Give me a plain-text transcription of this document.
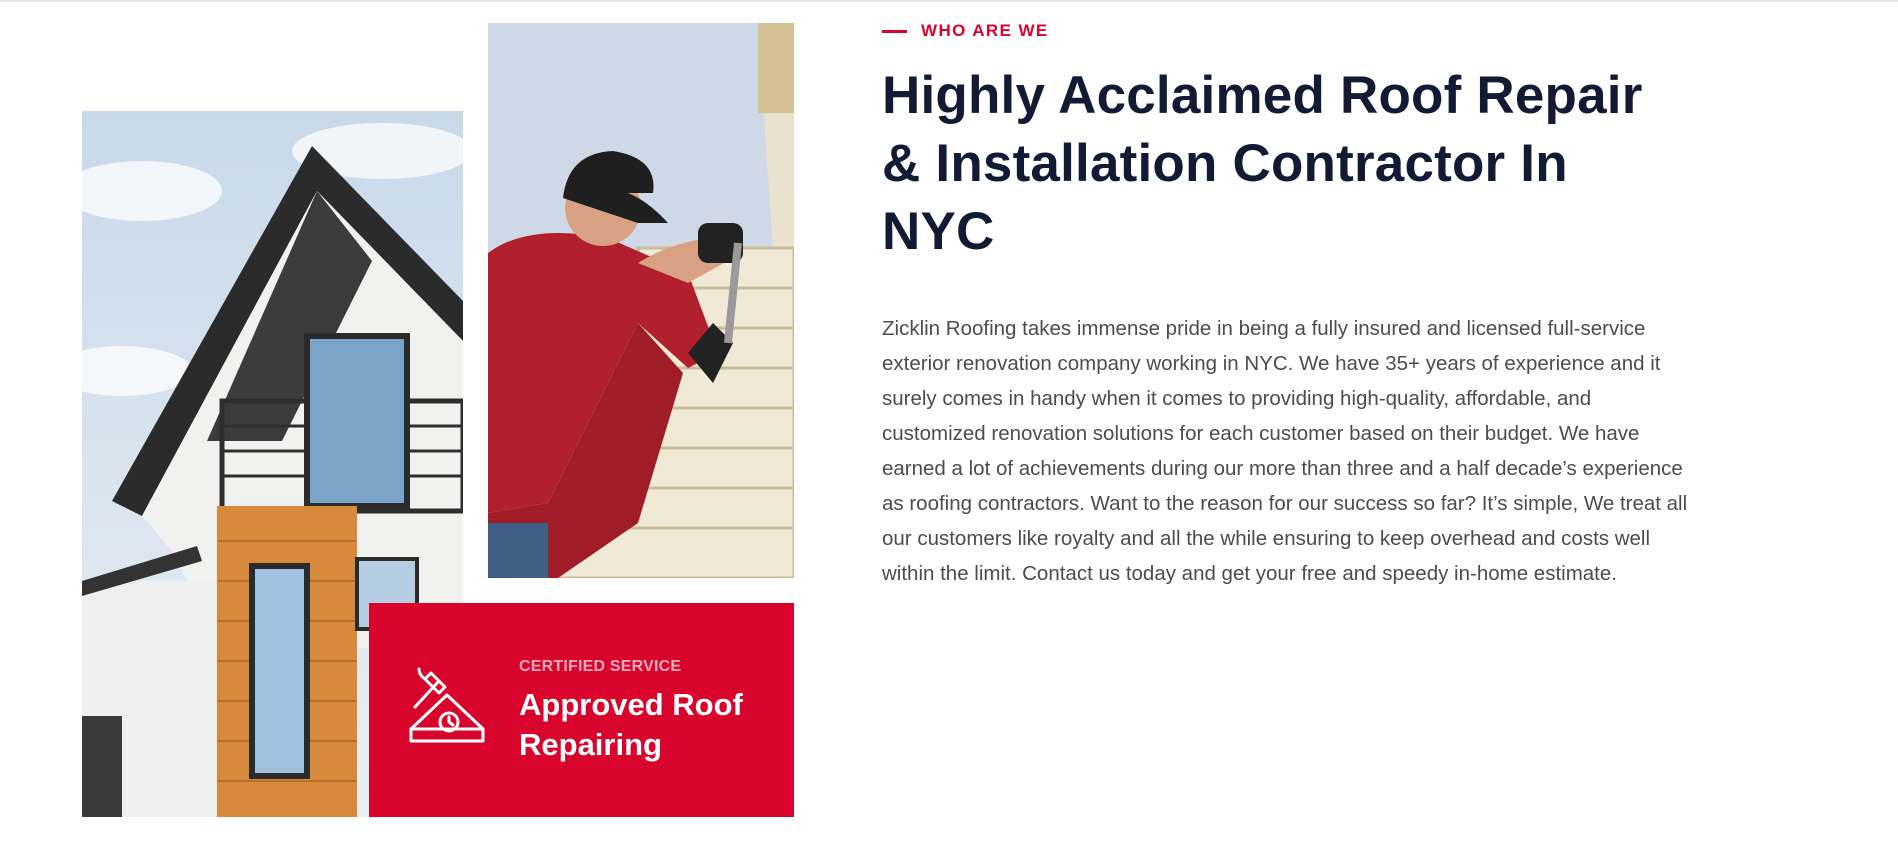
CERTIFIED SERVICE
Approved Roof Repairing
WHO ARE WE
Highly Acclaimed Roof Repair & Installation Contractor In NYC

Zicklin Roofing takes immense pride in being a fully insured and licensed full-service exterior renovation company working in NYC. We have 35+ years of experience and it surely comes in handy when it comes to providing high-quality, affordable, and customized renovation solutions for each customer based on their budget. We have earned a lot of achievements during our more than three and a half decade’s experience as roofing contractors. Want to the reason for our success so far? It’s simple, We treat all our customers like royalty and all the while ensuring to keep overhead and costs well within the limit. Contact us today and get your free and speedy in-home estimate.
